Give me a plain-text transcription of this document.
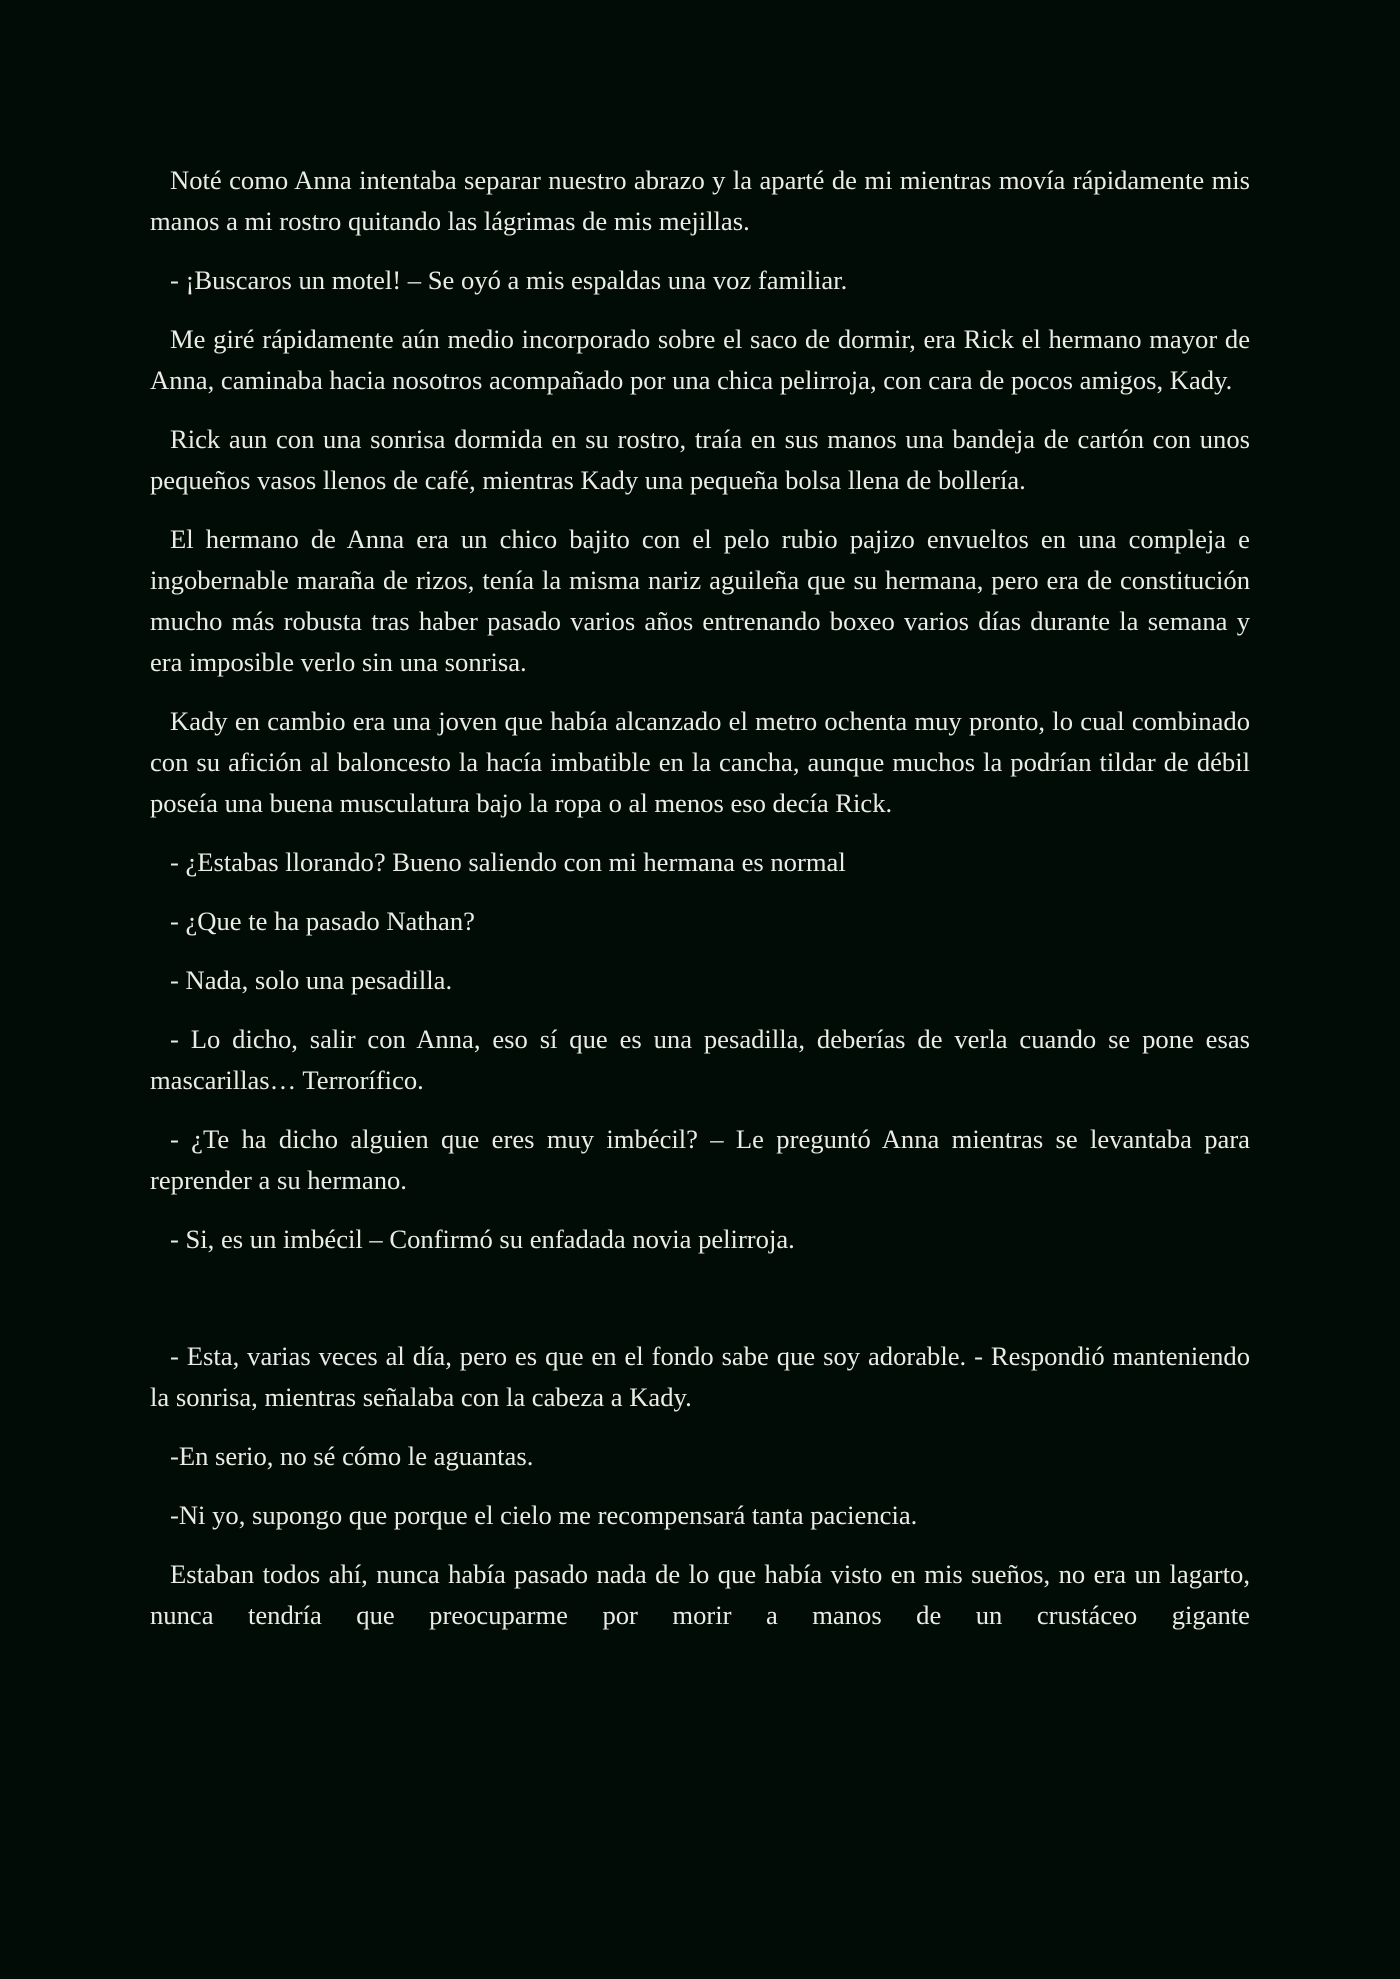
Noté como Anna intentaba separar nuestro abrazo y la aparté de mi mientras movía rápidamente mis manos a mi rostro quitando las lágrimas de mis mejillas.

- ¡Buscaros un motel! – Se oyó a mis espaldas una voz familiar.

Me giré rápidamente aún medio incorporado sobre el saco de dormir, era Rick el hermano mayor de Anna, caminaba hacia nosotros acompañado por una chica pelirroja, con cara de pocos amigos, Kady.

Rick aun con una sonrisa dormida en su rostro, traía en sus manos una bandeja de cartón con unos pequeños vasos llenos de café, mientras Kady una pequeña bolsa llena de bollería.

El hermano de Anna era un chico bajito con el pelo rubio pajizo envueltos en una compleja e ingobernable maraña de rizos, tenía la misma nariz aguileña que su hermana, pero era de constitución mucho más robusta tras haber pasado varios años entrenando boxeo varios días durante la semana y era imposible verlo sin una sonrisa.

Kady en cambio era una joven que había alcanzado el metro ochenta muy pronto, lo cual combinado con su afición al baloncesto la hacía imbatible en la cancha, aunque muchos la podrían tildar de débil poseía una buena musculatura bajo la ropa o al menos eso decía Rick.

- ¿Estabas llorando? Bueno saliendo con mi hermana es normal

- ¿Que te ha pasado Nathan?

- Nada, solo una pesadilla.

- Lo dicho, salir con Anna, eso sí que es una pesadilla, deberías de verla cuando se pone esas mascarillas… Terrorífico.

- ¿Te ha dicho alguien que eres muy imbécil? – Le preguntó Anna mientras se levantaba para reprender a su hermano.

- Si, es un imbécil – Confirmó su enfadada novia pelirroja.

- Esta, varias veces al día, pero es que en el fondo sabe que soy adorable. - Respondió manteniendo la sonrisa, mientras señalaba con la cabeza a Kady.

-En serio, no sé cómo le aguantas.

-Ni yo, supongo que porque el cielo me recompensará tanta paciencia.

Estaban todos ahí, nunca había pasado nada de lo que había visto en mis sueños, no era un lagarto, nunca tendría que preocuparme por morir a manos de un crustáceo gigante
